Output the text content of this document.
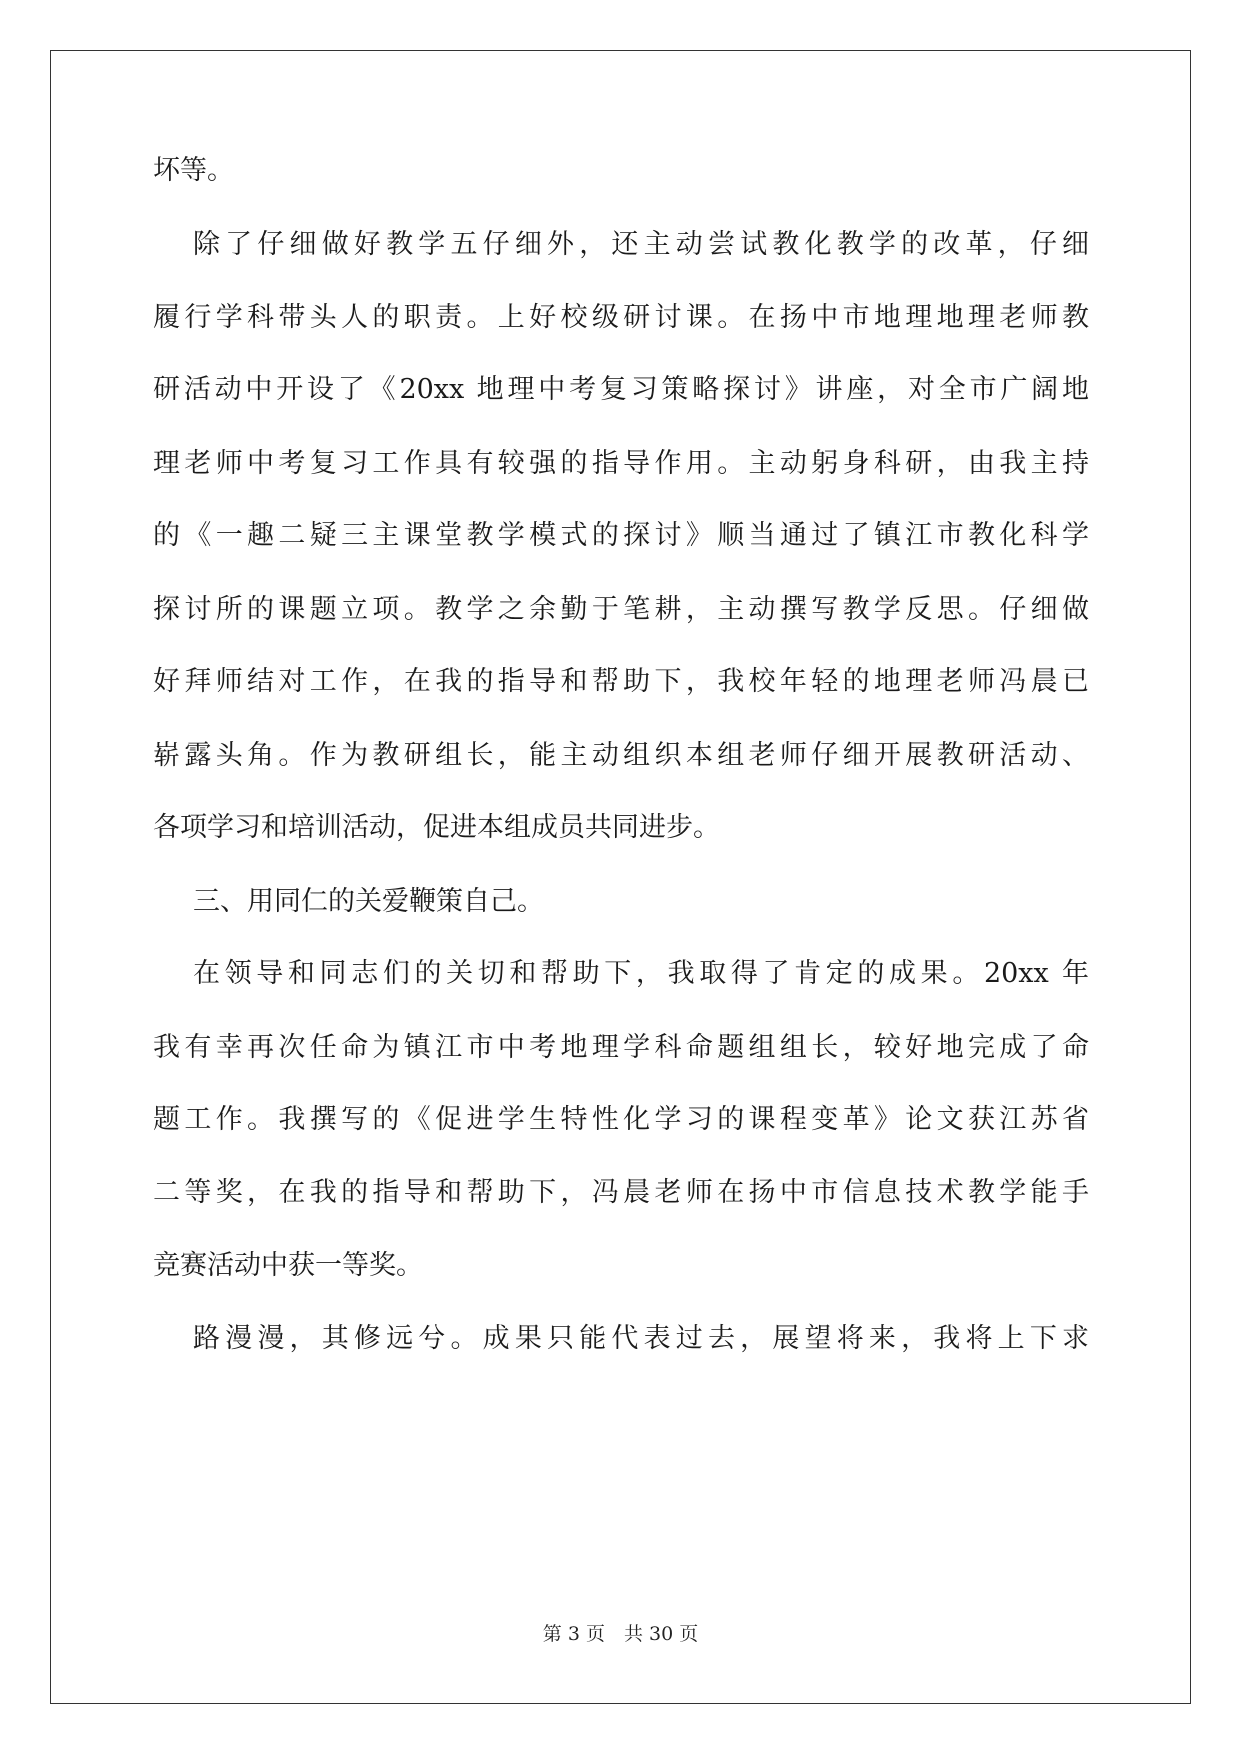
坏等。
除了仔细做好教学五仔细外，还主动尝试教化教学的改革，仔细
履行学科带头人的职责。上好校级研讨课。在扬中市地理地理老师教
研活动中开设了《20xx 地理中考复习策略探讨》讲座，对全市广阔地
理老师中考复习工作具有较强的指导作用。主动躬身科研，由我主持
的《一趣二疑三主课堂教学模式的探讨》顺当通过了镇江市教化科学
探讨所的课题立项。教学之余勤于笔耕，主动撰写教学反思。仔细做
好拜师结对工作，在我的指导和帮助下，我校年轻的地理老师冯晨已
崭露头角。作为教研组长，能主动组织本组老师仔细开展教研活动、
各项学习和培训活动，促进本组成员共同进步。
三、用同仁的关爱鞭策自己。
在领导和同志们的关切和帮助下，我取得了肯定的成果。20xx 年
我有幸再次任命为镇江市中考地理学科命题组组长，较好地完成了命
题工作。我撰写的《促进学生特性化学习的课程变革》论文获江苏省
二等奖，在我的指导和帮助下，冯晨老师在扬中市信息技术教学能手
竞赛活动中获一等奖。
路漫漫，其修远兮。成果只能代表过去，展望将来，我将上下求
第 3 页　共 30 页
